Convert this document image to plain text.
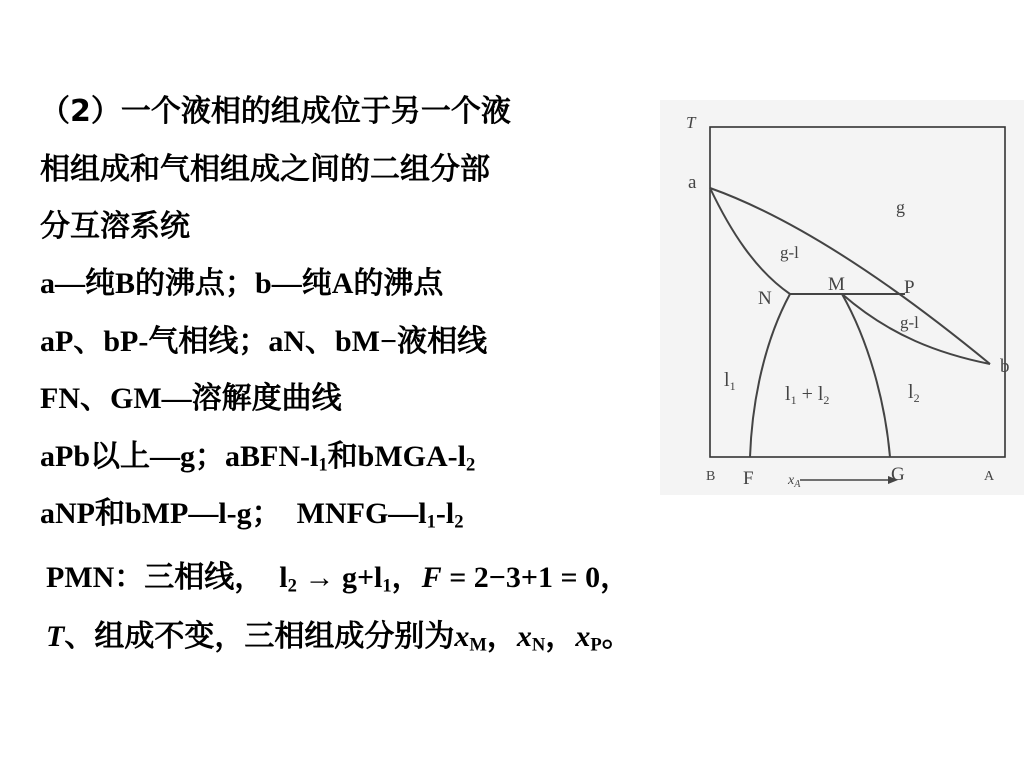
（2）一个液相的组成位于另一个液
相组成和气相组成之间的二组分部
分互溶系统
a—纯B的沸点；b—纯A的沸点
aP、bP-气相线；aN、bM−液相线
FN、GM—溶解度曲线
aPb以上—g；aBFN-$l_1$和bMGA-$l_2$
aNP和bMP—l-g；  $MNFG—l_1-l_2$
PMN：三相线，  $l_2 \to g+l_1$，F = 2−3+1 = 0，
T、组成不变，三相组成分别为$x_M$，$x_N$，$x_P$。
T
a
b
N
M	P
F	G
B	A
$x_A$
g
g-l
g-l
$l_1$ $l_1 + l_2$	$l_2$
